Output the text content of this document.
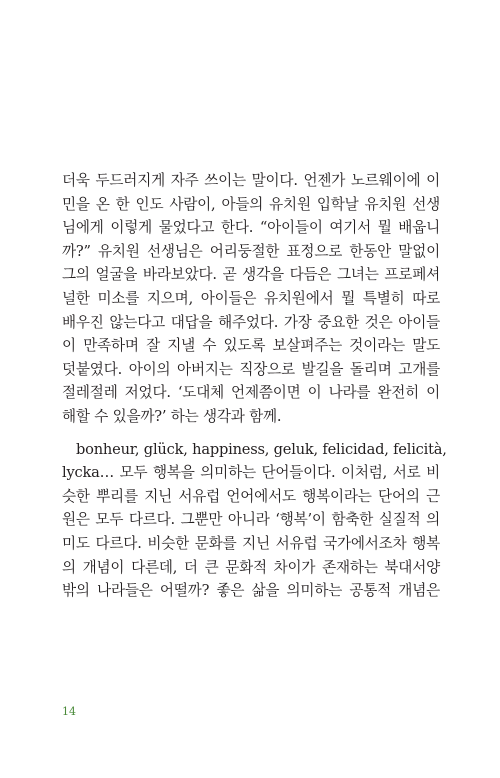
더욱 두드러지게 자주 쓰이는 말이다. 언젠가 노르웨이에 이
민을 온 한 인도 사람이, 아들의 유치원 입학날 유치원 선생
님에게 이렇게 물었다고 한다. “아이들이 여기서 뭘 배웁니
까?” 유치원 선생님은 어리둥절한 표정으로 한동안 말없이
그의 얼굴을 바라보았다. 곧 생각을 다듬은 그녀는 프로페셔
널한 미소를 지으며, 아이들은 유치원에서 뭘 특별히 따로
배우진 않는다고 대답을 해주었다. 가장 중요한 것은 아이들
이 만족하며 잘 지낼 수 있도록 보살펴주는 것이라는 말도
덧붙였다. 아이의 아버지는 직장으로 발길을 돌리며 고개를
절레절레 저었다. ‘도대체 언제쯤이면 이 나라를 완전히 이
해할 수 있을까?’ 하는 생각과 함께.
bonheur, glück, happiness, geluk, felicidad, felicità,
lycka… 모두 행복을 의미하는 단어들이다. 이처럼, 서로 비
슷한 뿌리를 지닌 서유럽 언어에서도 행복이라는 단어의 근
원은 모두 다르다. 그뿐만 아니라 ‘행복’이 함축한 실질적 의
미도 다르다. 비슷한 문화를 지닌 서유럽 국가에서조차 행복
의 개념이 다른데, 더 큰 문화적 차이가 존재하는 북대서양
밖의 나라들은 어떨까? 좋은 삶을 의미하는 공통적 개념은
14
